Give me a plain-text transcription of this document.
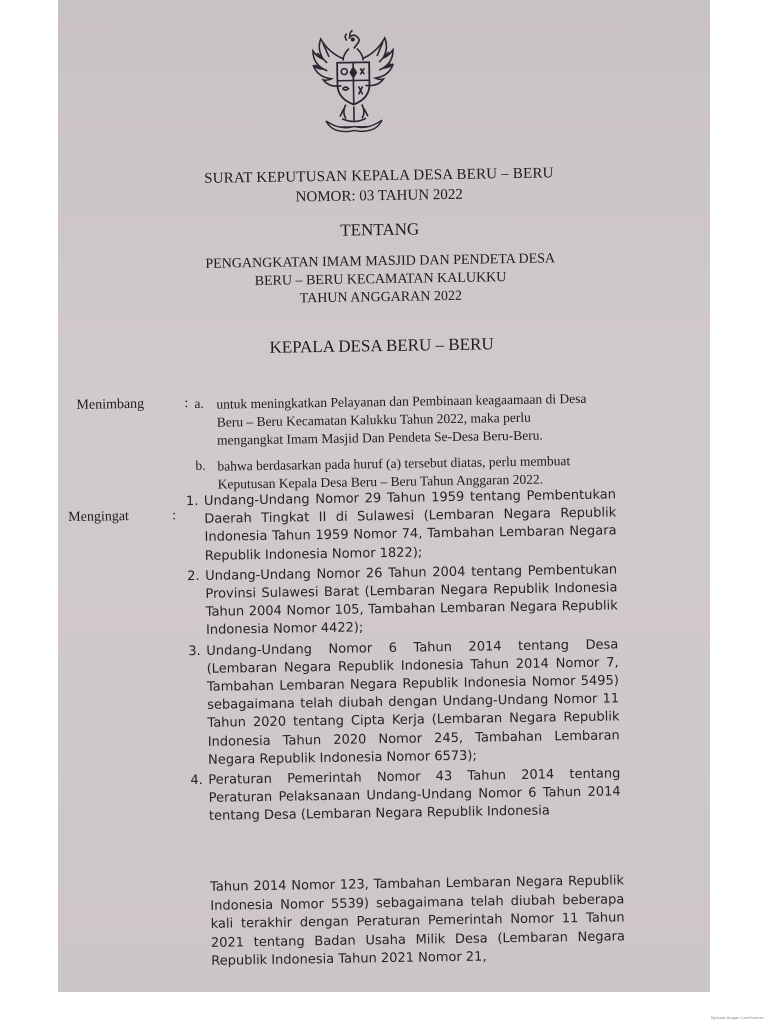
SURAT KEPUTUSAN KEPALA DESA BERU – BERU
NOMOR: 03 TAHUN 2022
TENTANG
PENGANGKATAN IMAM MASJID DAN PENDETA DESA
BERU – BERU KECAMATAN KALUKKU
TAHUN ANGGARAN 2022
KEPALA DESA BERU – BERU
Menimbang	: a. untuk meningkatkan Pelayanan dan Pembinaan keagaamaan di Desa
Beru – Beru Kecamatan Kalukku Tahun 2022, maka perlu
mengangkat Imam Masjid Dan Pendeta Se-Desa Beru-Beru.
b. bahwa berdasarkan pada huruf (a) tersebut diatas, perlu membuat
Keputusan Kepala Desa Beru – Beru Tahun Anggaran 2022.
Mengingat	:
1. Undang-Undang Nomor 29 Tahun 1959 tentang Pembentukan Daerah Tingkat II di Sulawesi (Lembaran Negara Republik Indonesia Tahun 1959 Nomor 74, Tambahan Lembaran Negara Republik Indonesia Nomor 1822);
2. Undang-Undang Nomor 26 Tahun 2004 tentang Pembentukan Provinsi Sulawesi Barat (Lembaran Negara Republik Indonesia Tahun 2004 Nomor 105, Tambahan Lembaran Negara Republik Indonesia Nomor 4422);
3. Undang-Undang Nomor 6 Tahun 2014 tentang Desa (Lembaran Negara Republik Indonesia Tahun 2014 Nomor 7, Tambahan Lembaran Negara Republik Indonesia Nomor 5495) sebagaimana telah diubah dengan Undang-Undang Nomor 11 Tahun 2020 tentang Cipta Kerja (Lembaran Negara Republik Indonesia Tahun 2020 Nomor 245, Tambahan Lembaran Negara Republik Indonesia Nomor 6573);
4. Peraturan Pemerintah Nomor 43 Tahun 2014 tentang Peraturan Pelaksanaan Undang-Undang Nomor 6 Tahun 2014 tentang Desa (Lembaran Negara Republik Indonesia
Tahun 2014 Nomor 123, Tambahan Lembaran Negara Republik Indonesia Nomor 5539) sebagaimana telah diubah beberapa kali terakhir dengan Peraturan Pemerintah Nomor 11 Tahun 2021 tentang Badan Usaha Milik Desa (Lembaran Negara Republik Indonesia Tahun 2021 Nomor 21,
Dipindai dengan CamScanner
